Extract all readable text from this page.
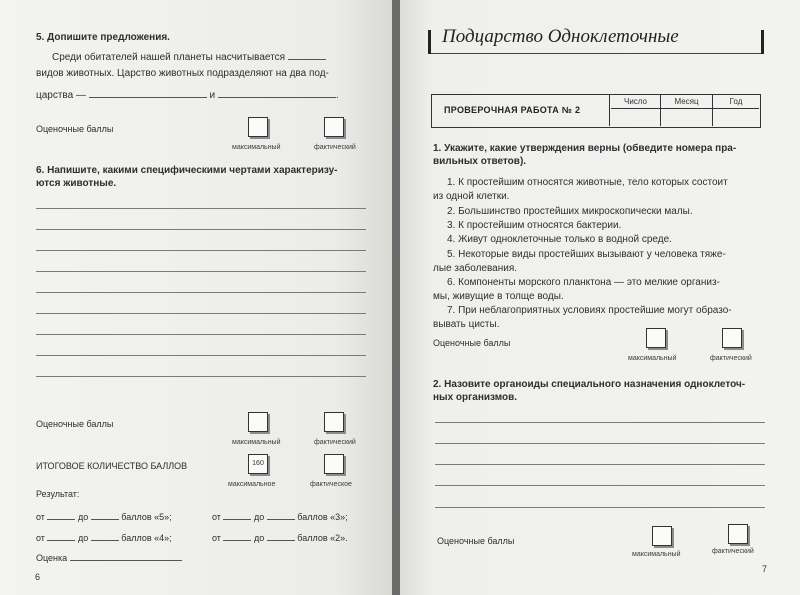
5. Допишите предложения.
Среди обитателей нашей планеты насчитывается
видов животных. Царство животных подразделяют на два под-
царства —	и	.
Оценочные баллы
максимальный	фактический
6. Напишите, какими специфическими чертами характеризу-
ются животные.
Оценочные баллы
максимальный	фактический
ИТОГОВОЕ КОЛИЧЕСТВО БАЛЛОВ	160
максимальное	фактическое
Результат:
от	до	баллов «5»;	от	до	баллов «3»;
от	до	баллов «4»;	от	до	баллов «2».
Оценка
6
Подцарство Одноклеточные
ПРОВЕРОЧНАЯ РАБОТА № 2
Число	Месяц	Год
1. Укажите, какие утверждения верны (обведите номера пра-
вильных ответов).
1. К простейшим относятся животные, тело которых состоит
из одной клетки.
2. Большинство простейших микроскопически малы.
3. К простейшим относятся бактерии.
4. Живут одноклеточные только в водной среде.
5. Некоторые виды простейших вызывают у человека тяже-
лые заболевания.
6. Компоненты морского планктона — это мелкие организ-
мы, живущие в толще воды.
7. При неблагоприятных условиях простейшие могут образо-
вывать цисты.
Оценочные баллы
максимальный	фактический
2. Назовите органоиды специального назначения одноклеточ-
ных организмов.
Оценочные баллы
максимальный	фактический
7
